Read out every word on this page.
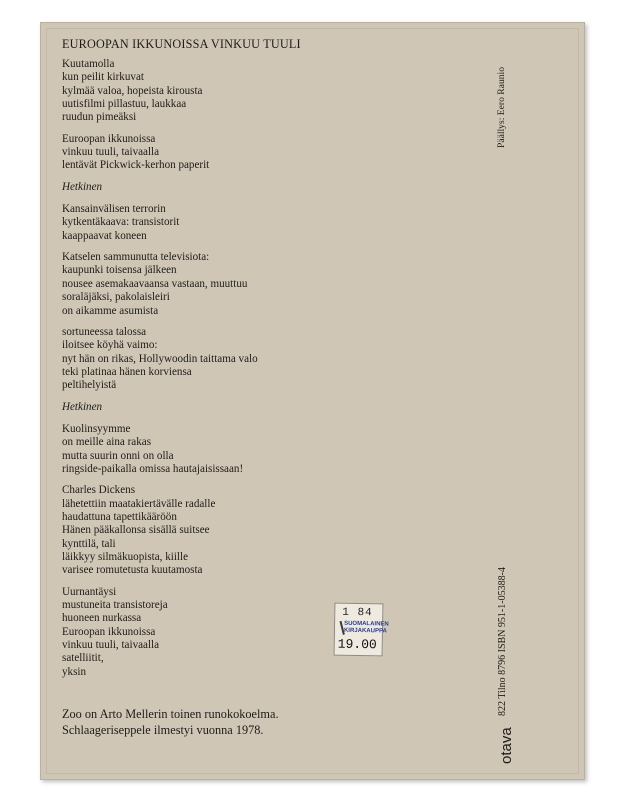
EUROOPAN IKKUNOISSA VINKUU TUULI
Kuutamolla
kun peilit kirkuvat
kylmää valoa, hopeista kiroustа
uutisfilmi pillastuu, laukkaa
ruudun pimeäksi
Euroopan ikkunoissa
vinkuu tuuli, taivaalla
lentävät Pickwick-kerhon paperit
Hetkinen
Kansainvälisen terrorin
kytkentäkaava: transistorit
kaappaavat koneen
Katselen sammunutta televisiota:
kaupunki toisensa jälkeen
nousee asemakaavaansa vastaan, muuttuu
soraläjäksi, pakolaisleiri
on aikamme asumista
sortuneessa talossa
iloitsee köyhä vaimo:
nyt hän on rikas, Hollywoodin taittama valo
teki platinaa hänen korviensa
peltihelyistä
Hetkinen
Kuolinsyymme
on meille aina rakas
mutta suurin onni on olla
ringside-paikalla omissa hautajaisissaan!
Charles Dickens
lähetettiin maatakiertävälle radalle
haudattuna tapettikääröön
Hänen pääkallonsa sisällä suitsee
kynttilä, tali
läikkyy silmäkuopista, kiille
varisee romutetusta kuutamosta
Uurnantäysi
mustuneita transistoreja
huoneen nurkassa
Euroopan ikkunoissa
vinkuu tuuli, taivaalla
satelliitit,
yksin
1 84
SUOMALAINEN
KIRJAKAUPPA
19.00
Zoo on Arto Mellerin toinen runokokoelma.
Schlaageriseppele ilmestyi vuonna 1978.
Päällys: Eero Raunio
822 Tilno 8796 ISBN 951-1-05388-4
otava
